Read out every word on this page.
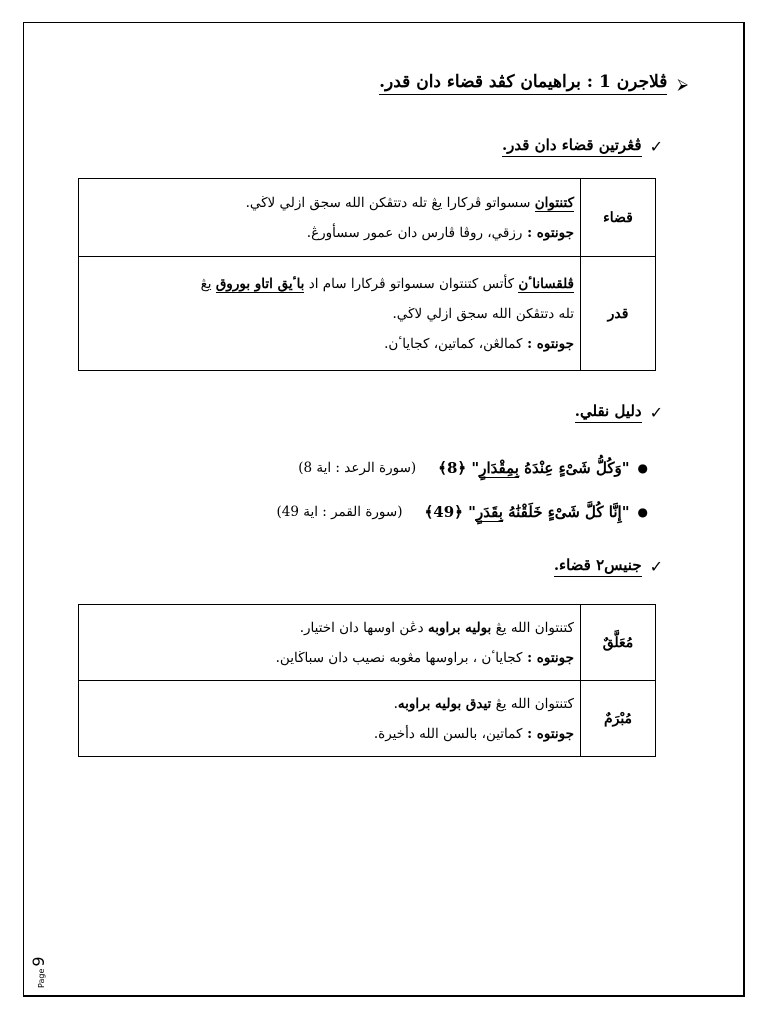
⮚
ڤلاجرن 1 : براهيمان كڤد قضاء دان قدر.
✓
ڤڠرتين قضاء دان قدر.
قضاء	كتنتوان سسواتو ڤركارا يڠ تله دتتڤكن الله سجق ازلي لاڬي.
جونتوه : رزقي، روڤا ڤارس دان عمور سسأورڠ.

قدر	ڤلقساناٴن كأتس كتنتوان سسواتو ڤركارا سام اد باٴيق اتاو بوروق يڠ
تله دتتڤكن الله سجق ازلي لاڬي.
جونتوه : كمالڠن، كماتين، كجاياٴن.
✓
دليل نقلي.
●
"وَكُلُّ شَىْءٍ عِنْدَهُ بِمِقْدَارٍ" ﴿8﴾
(سورة الرعد : اية 8)
●
"إِنَّا كُلَّ شَىْءٍ خَلَقْنَٰهُ بِقَدَرٍ" ﴿49﴾
(سورة القمر : اية 49)
✓
جنيس٢ قضاء.
مُعَلَّقٌ	كتنتوان الله يڠ بوليه براوبه دڠن اوسها دان اختيار.
جونتوه : كجاياٴن ، براوسها مڠوبه نصيب دان سباڬاين.

مُبْرَمٌ	كتنتوان الله يڠ تيدق بوليه براوبه.
جونتوه : كماتين، بالسن الله دأخيرة.
Page
9
